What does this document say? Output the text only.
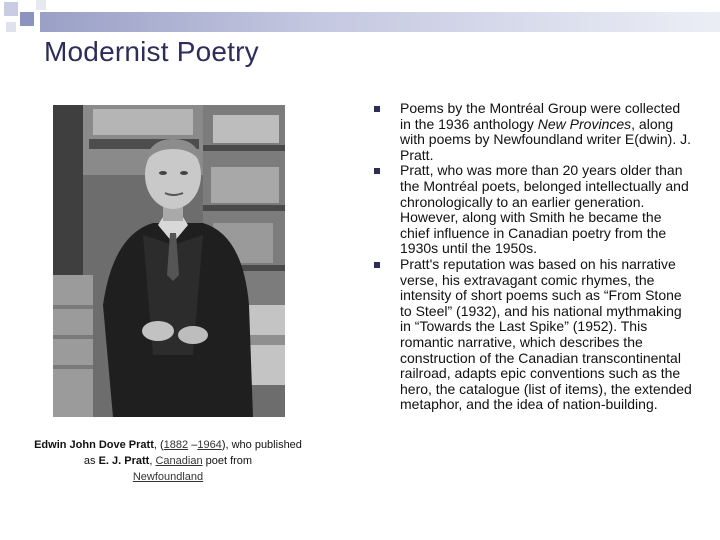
Modernist Poetry
Edwin John Dove Pratt, (1882 –1964), who published as E. J. Pratt, Canadian poet from
Newfoundland
Poems by the Montréal Group were collected in the 1936 anthology New Provinces, along with poems by Newfoundland writer E(dwin). J. Pratt.
Pratt, who was more than 20 years older than the Montréal poets, belonged intellectually and chronologically to an earlier generation. However, along with Smith he became the chief influence in Canadian poetry from the 1930s until the 1950s.
Pratt's reputation was based on his narrative verse, his extravagant comic rhymes, the intensity of short poems such as “From Stone to Steel” (1932), and his national mythmaking in “Towards the Last Spike” (1952). This romantic narrative, which describes the construction of the Canadian transcontinental railroad, adapts epic conventions such as the hero, the catalogue (list of items), the extended metaphor, and the idea of nation-building.
